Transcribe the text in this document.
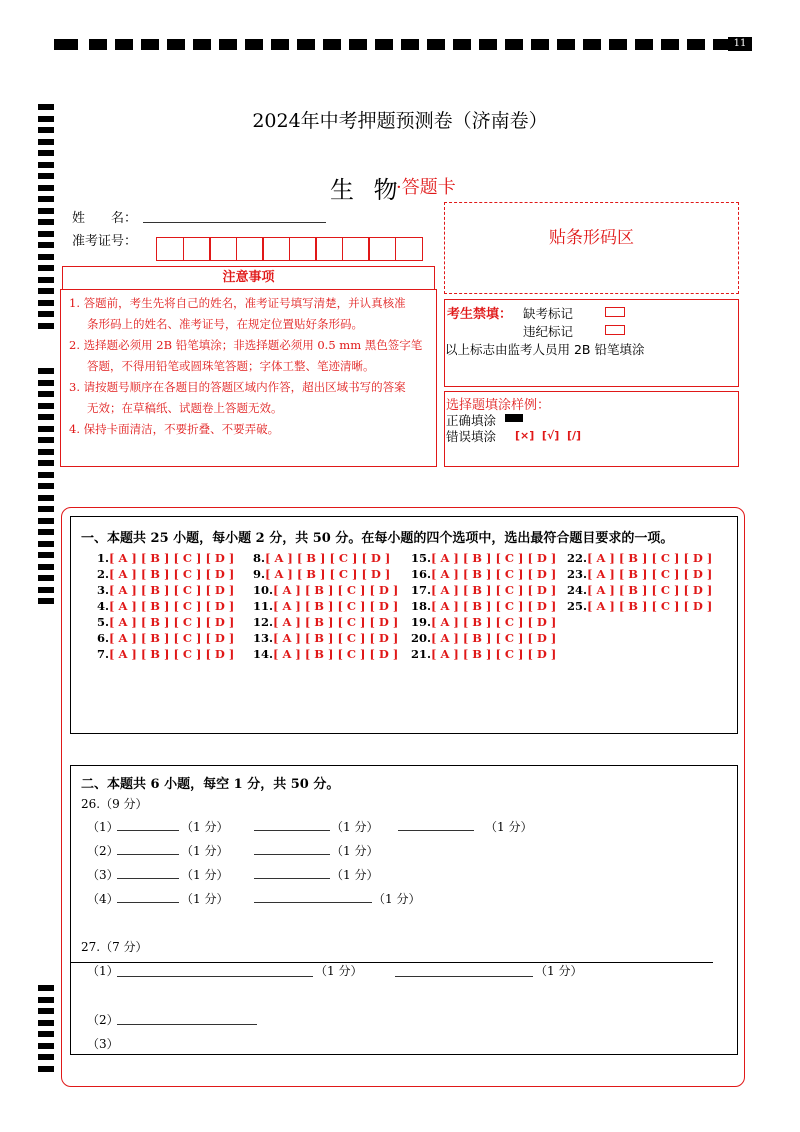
11
2024年中考押题预测卷（济南卷）
生 物
·答题卡
姓　　名：
准考证号：	贴条形码区
注意事项
1. 答题前，考生先将自己的姓名，准考证号填写清楚，并认真核准
条形码上的姓名、准考证号，在规定位置贴好条形码。
2. 选择题必须用 2B 铅笔填涂；非选择题必须用 0.5 mm 黑色签字笔
答题，不得用铅笔或圆珠笔答题；字体工整、笔迹清晰。
3. 请按题号顺序在各题目的答题区域内作答，超出区域书写的答案
无效；在草稿纸、试题卷上答题无效。
4. 保持卡面清洁，不要折叠、不要弄破。
考生禁填： 缺考标记
违纪标记
以上标志由监考人员用 2B 铅笔填涂
选择题填涂样例：
正确填涂
错误填涂 [×]  [√]  [/]
一、本题共 25 小题，每小题 2 分，共 50 分。在每小题的四个选项中，选出最符合题目要求的一项。
1.[ A ] [ B ] [ C ] [ D ]
2.[ A ] [ B ] [ C ] [ D ]
3.[ A ] [ B ] [ C ] [ D ]
4.[ A ] [ B ] [ C ] [ D ]
5.[ A ] [ B ] [ C ] [ D ]
6.[ A ] [ B ] [ C ] [ D ]
7.[ A ] [ B ] [ C ] [ D ]
8.[ A ] [ B ] [ C ] [ D ]
9.[ A ] [ B ] [ C ] [ D ]
10.[ A ] [ B ] [ C ] [ D ]
11.[ A ] [ B ] [ C ] [ D ]
12.[ A ] [ B ] [ C ] [ D ]
13.[ A ] [ B ] [ C ] [ D ]
14.[ A ] [ B ] [ C ] [ D ]
15.[ A ] [ B ] [ C ] [ D ]
16.[ A ] [ B ] [ C ] [ D ]
17.[ A ] [ B ] [ C ] [ D ]
18.[ A ] [ B ] [ C ] [ D ]
19.[ A ] [ B ] [ C ] [ D ]
20.[ A ] [ B ] [ C ] [ D ]
21.[ A ] [ B ] [ C ] [ D ]
22.[ A ] [ B ] [ C ] [ D ]
23.[ A ] [ B ] [ C ] [ D ]
24.[ A ] [ B ] [ C ] [ D ]
25.[ A ] [ B ] [ C ] [ D ]
二、本题共 6 小题，每空 1 分，共 50 分。
26.（9 分）
（1）	（1 分）	（1 分）	（1 分）
（2）	（1 分）	（1 分）
（3）	（1 分）	（1 分）
（4）	（1 分）	（1 分）
27.（7 分）
（1）	（1 分）	（1 分）
（2）
（3）
